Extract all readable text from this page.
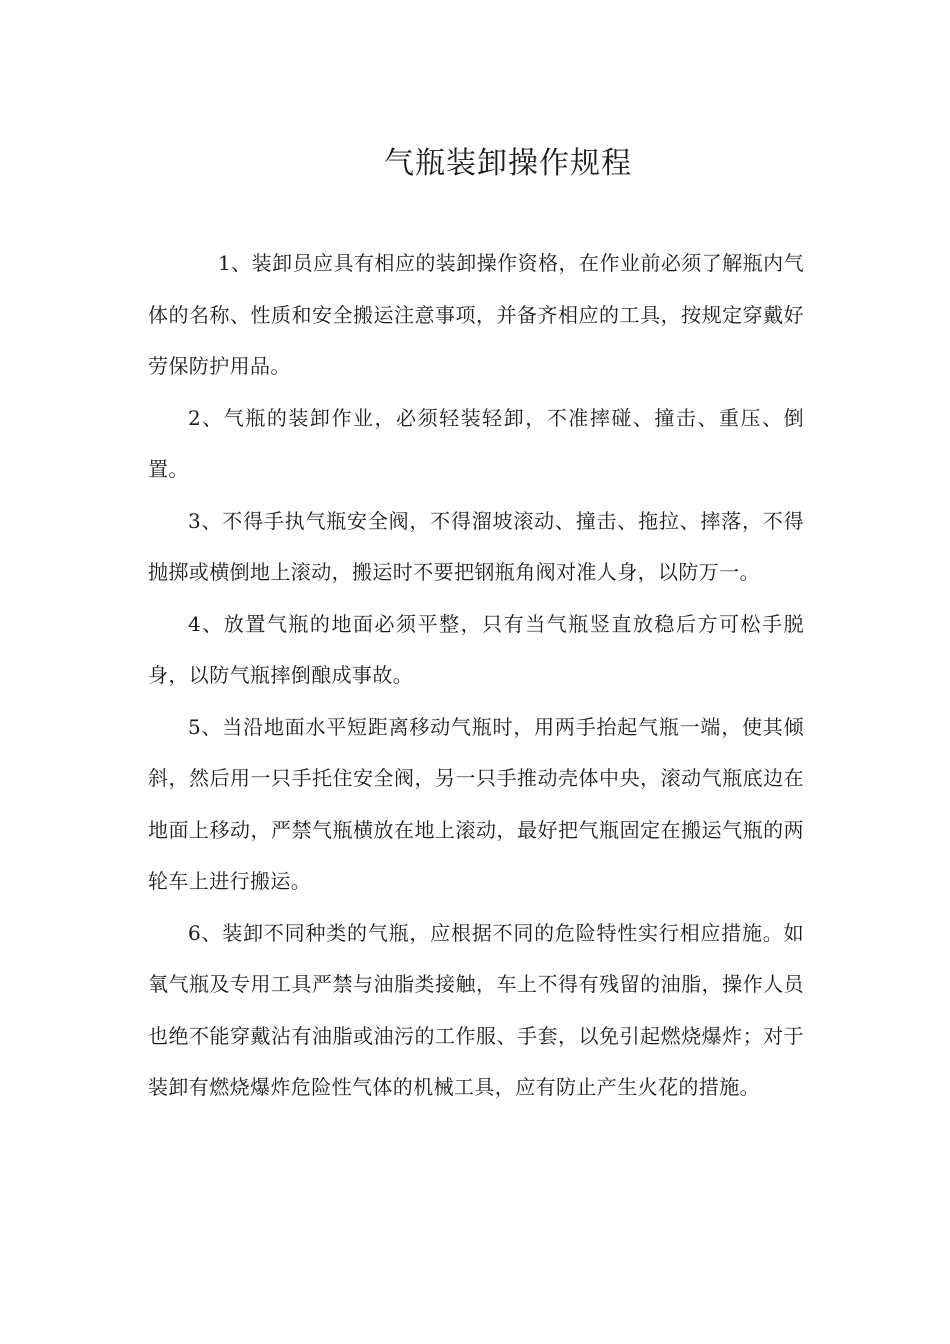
气瓶装卸操作规程

1、装卸员应具有相应的装卸操作资格，在作业前必须了解瓶内气体的名称、性质和安全搬运注意事项，并备齐相应的工具，按规定穿戴好劳保防护用品。

2、气瓶的装卸作业，必须轻装轻卸，不准摔碰、撞击、重压、倒置。

3、不得手执气瓶安全阀，不得溜坡滚动、撞击、拖拉、摔落，不得抛掷或横倒地上滚动，搬运时不要把钢瓶角阀对准人身，以防万一。

4、放置气瓶的地面必须平整，只有当气瓶竖直放稳后方可松手脱身，以防气瓶摔倒酿成事故。

5、当沿地面水平短距离移动气瓶时，用两手抬起气瓶一端，使其倾斜，然后用一只手托住安全阀，另一只手推动壳体中央，滚动气瓶底边在地面上移动，严禁气瓶横放在地上滚动，最好把气瓶固定在搬运气瓶的两轮车上进行搬运。

6、装卸不同种类的气瓶，应根据不同的危险特性实行相应措施。如氧气瓶及专用工具严禁与油脂类接触，车上不得有残留的油脂，操作人员也绝不能穿戴沾有油脂或油污的工作服、手套，以免引起燃烧爆炸；对于装卸有燃烧爆炸危险性气体的机械工具，应有防止产生火花的措施。
